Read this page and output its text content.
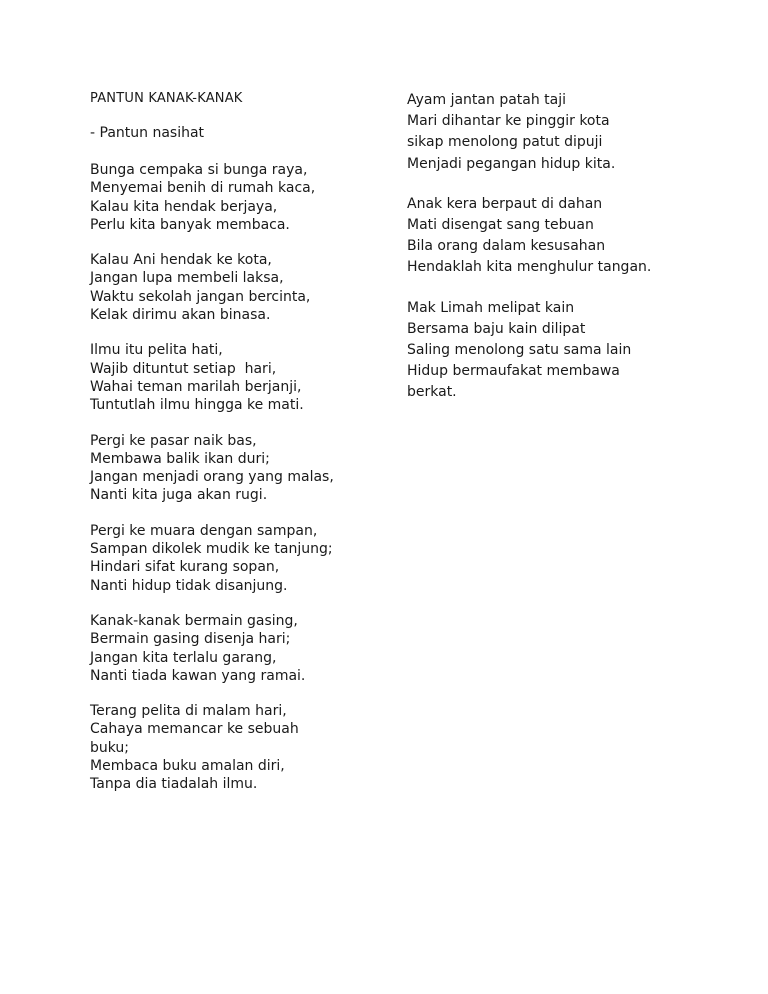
PANTUN KANAK-KANAK
- Pantun nasihat
Bunga cempaka si bunga raya,
Menyemai benih di rumah kaca,
Kalau kita hendak berjaya,
Perlu kita banyak membaca.
Kalau Ani hendak ke kota,
Jangan lupa membeli laksa,
Waktu sekolah jangan bercinta,
Kelak dirimu akan binasa.
Ilmu itu pelita hati,
Wajib dituntut setiap  hari,
Wahai teman marilah berjanji,
Tuntutlah ilmu hingga ke mati.
Pergi ke pasar naik bas,
Membawa balik ikan duri;
Jangan menjadi orang yang malas,
Nanti kita juga akan rugi.
Pergi ke muara dengan sampan,
Sampan dikolek mudik ke tanjung;
Hindari sifat kurang sopan,
Nanti hidup tidak disanjung.
Kanak-kanak bermain gasing,
Bermain gasing disenja hari;
Jangan kita terlalu garang,
Nanti tiada kawan yang ramai.
Terang pelita di malam hari,
Cahaya memancar ke sebuah buku;
Membaca buku amalan diri,
Tanpa dia tiadalah ilmu.
Ayam jantan patah taji
Mari dihantar ke pinggir kota
sikap menolong patut dipuji
Menjadi pegangan hidup kita.
Anak kera berpaut di dahan
Mati disengat sang tebuan
Bila orang dalam kesusahan
Hendaklah kita menghulur tangan.
Mak Limah melipat kain
Bersama baju kain dilipat
Saling menolong satu sama lain
Hidup bermaufakat membawa berkat.
